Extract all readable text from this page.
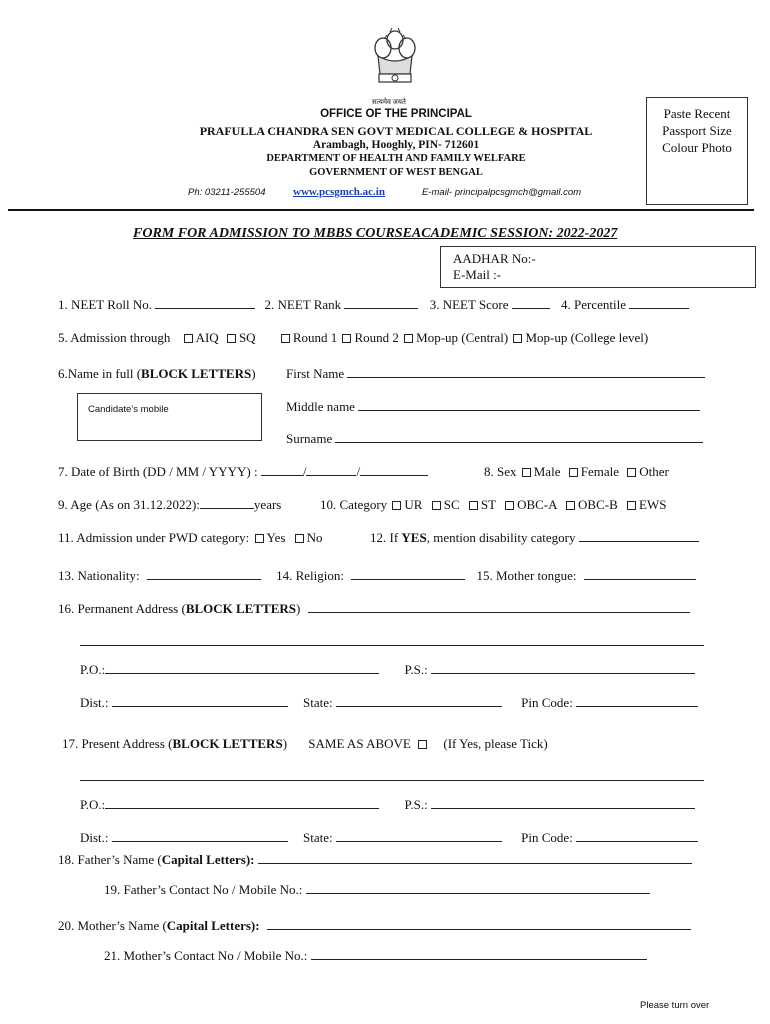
सत्यमेव जयते
OFFICE OF THE PRINCIPAL
PRAFULLA CHANDRA SEN GOVT MEDICAL COLLEGE & HOSPITAL
Arambagh, Hooghly, PIN- 712601
DEPARTMENT OF HEALTH AND FAMILY WELFARE
GOVERNMENT OF WEST BENGAL
Ph: 03211-255504	www.pcsgmch.ac.in	E-mail- principalpcsgmch@gmail.com
Paste Recent
Passport Size
Colour Photo
FORM FOR ADMISSION TO MBBS COURSEACADEMIC SESSION: 2022-2027
AADHAR No:-
E-Mail :-
1. NEET Roll No.	2. NEET Rank	3. NEET Score	4. Percentile
5. Admission through AIQ SQ	Round 1 Round 2 Mop-up (Central) Mop-up (College level)
6.Name in full (BLOCK LETTERS) First Name
Candidate’s mobile	Middle name
Surname
7. Date of Birth (DD / MM / YYYY) :	/	/	8. Sex Male Female Other
9. Age (As on 31.12.2022):	years	10. Category UR SC ST OBC-A OBC-B EWS
11. Admission under PWD category: Yes No	12. If YES, mention disability category
13. Nationality:	14. Religion:	15. Mother tongue:
16. Permanent Address (BLOCK LETTERS)
P.O.:	P.S.:
Dist.:	State:	Pin Code:
17. Present Address (BLOCK LETTERS) SAME AS ABOVE	(If Yes, please Tick)
P.O.:	P.S.:
Dist.:	State:	Pin Code:
18. Father’s Name (Capital Letters):
19. Father’s Contact No / Mobile No.:
20. Mother’s Name (Capital Letters):
21. Mother’s Contact No / Mobile No.:
Please turn over
